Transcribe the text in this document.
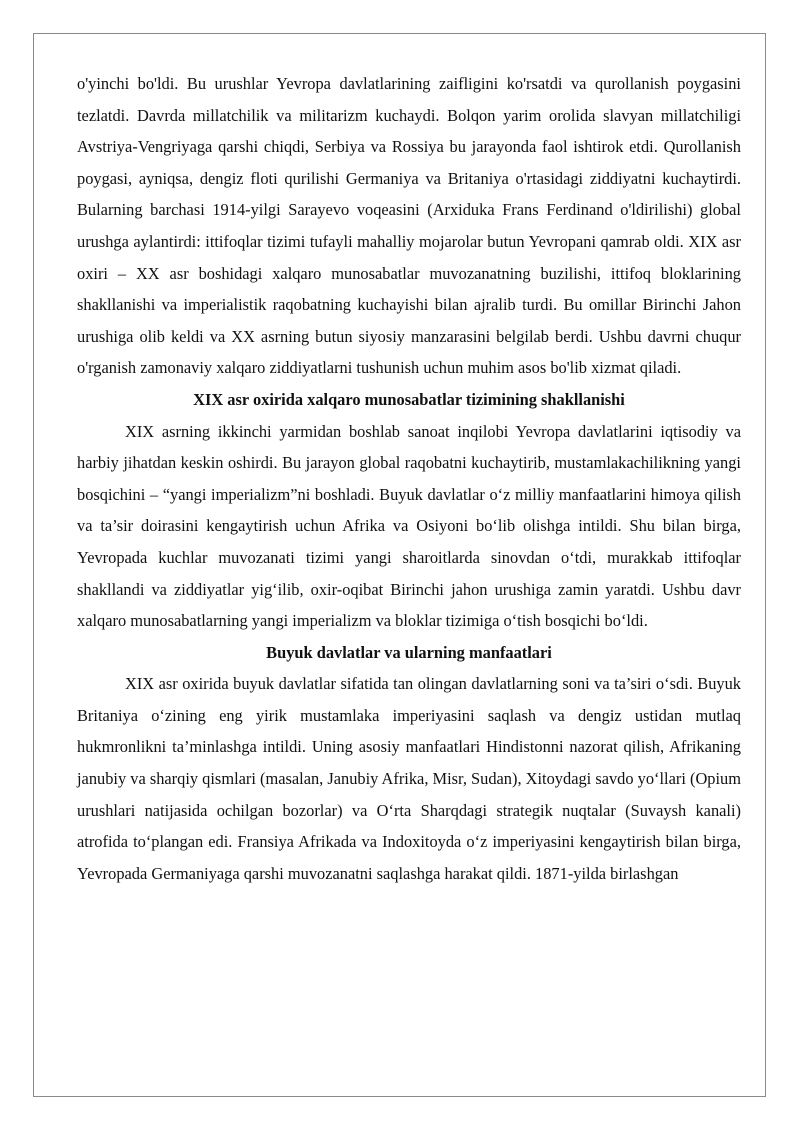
o'yinchi bo'ldi. Bu urushlar Yevropa davlatlarining zaifligini ko'rsatdi va qurollanish poygasini tezlatdi. Davrda millatchilik va militarizm kuchaydi. Bolqon yarim orolida slavyan millatchiligi Avstriya-Vengriyaga qarshi chiqdi, Serbiya va Rossiya bu jarayonda faol ishtirok etdi. Qurollanish poygasi, ayniqsa, dengiz floti qurilishi Germaniya va Britaniya o'rtasidagi ziddiyatni kuchaytirdi. Bularning barchasi 1914-yilgi Sarayevo voqeasini (Arxiduka Frans Ferdinand o'ldirilishi) global urushga aylantirdi: ittifoqlar tizimi tufayli mahalliy mojarolar butun Yevropani qamrab oldi. XIX asr oxiri – XX asr boshidagi xalqaro munosabatlar muvozanatning buzilishi, ittifoq bloklarining shakllanishi va imperialistik raqobatning kuchayishi bilan ajralib turdi. Bu omillar Birinchi Jahon urushiga olib keldi va XX asrning butun siyosiy manzarasini belgilab berdi. Ushbu davrni chuqur o'rganish zamonaviy xalqaro ziddiyatlarni tushunish uchun muhim asos bo'lib xizmat qiladi.

XIX asr oxirida xalqaro munosabatlar tizimining shakllanishi

XIX asrning ikkinchi yarmidan boshlab sanoat inqilobi Yevropa davlatlarini iqtisodiy va harbiy jihatdan keskin oshirdi. Bu jarayon global raqobatni kuchaytirib, mustamlakachilikning yangi bosqichini – “yangi imperializm”ni boshladi. Buyuk davlatlar o‘z milliy manfaatlarini himoya qilish va ta’sir doirasini kengaytirish uchun Afrika va Osiyoni bo‘lib olishga intildi. Shu bilan birga, Yevropada kuchlar muvozanati tizimi yangi sharoitlarda sinovdan o‘tdi, murakkab ittifoqlar shakllandi va ziddiyatlar yig‘ilib, oxir-oqibat Birinchi jahon urushiga zamin yaratdi. Ushbu davr xalqaro munosabatlarning yangi imperializm va bloklar tizimiga o‘tish bosqichi bo‘ldi.

Buyuk davlatlar va ularning manfaatlari

XIX asr oxirida buyuk davlatlar sifatida tan olingan davlatlarning soni va ta’siri o‘sdi. Buyuk Britaniya o‘zining eng yirik mustamlaka imperiyasini saqlash va dengiz ustidan mutlaq hukmronlikni ta’minlashga intildi. Uning asosiy manfaatlari Hindistonni nazorat qilish, Afrikaning janubiy va sharqiy qismlari (masalan, Janubiy Afrika, Misr, Sudan), Xitoydagi savdo yo‘llari (Opium urushlari natijasida ochilgan bozorlar) va O‘rta Sharqdagi strategik nuqtalar (Suvaysh kanali) atrofida to‘plangan edi. Fransiya Afrikada va Indoxitoyda o‘z imperiyasini kengaytirish bilan birga, Yevropada Germaniyaga qarshi muvozanatni saqlashga harakat qildi. 1871-yilda birlashgan
